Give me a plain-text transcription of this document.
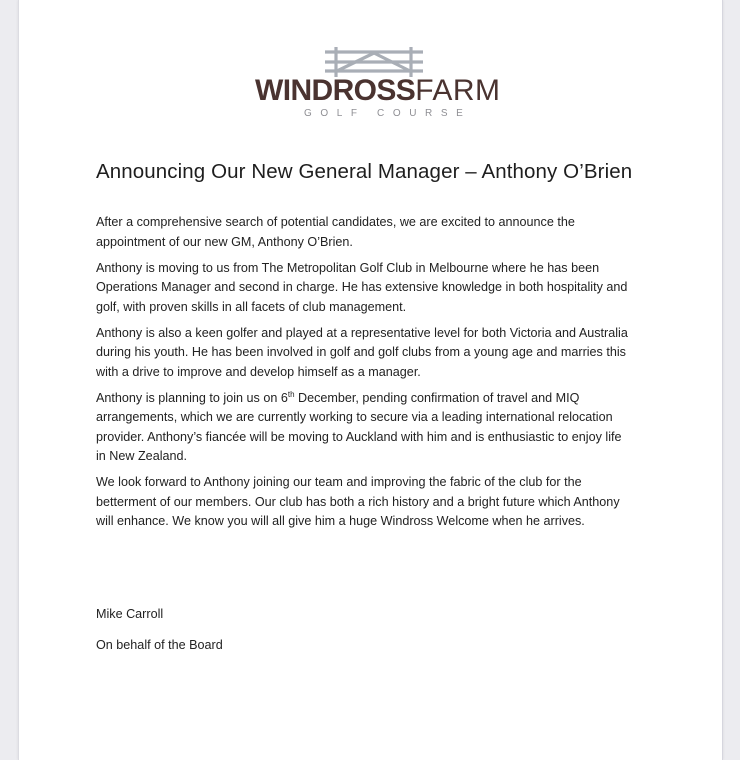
WINDROSSFARM
GOLF COURSE
Announcing Our New General Manager – Anthony O’Brien

After a comprehensive search of potential candidates, we are excited to announce the appointment of our new GM, Anthony O’Brien.

Anthony is moving to us from The Metropolitan Golf Club in Melbourne where he has been Operations Manager and second in charge. He has extensive knowledge in both hospitality and golf, with proven skills in all facets of club management.

Anthony is also a keen golfer and played at a representative level for both Victoria and Australia during his youth. He has been involved in golf and golf clubs from a young age and marries this with a drive to improve and develop himself as a manager.

Anthony is planning to join us on 6th December, pending confirmation of travel and MIQ arrangements, which we are currently working to secure via a leading international relocation provider. Anthony’s fiancée will be moving to Auckland with him and is enthusiastic to enjoy life in New Zealand.

We look forward to Anthony joining our team and improving the fabric of the club for the betterment of our members. Our club has both a rich history and a bright future which Anthony will enhance. We know you will all give him a huge Windross Welcome when he arrives.

Mike Carroll
On behalf of the Board
